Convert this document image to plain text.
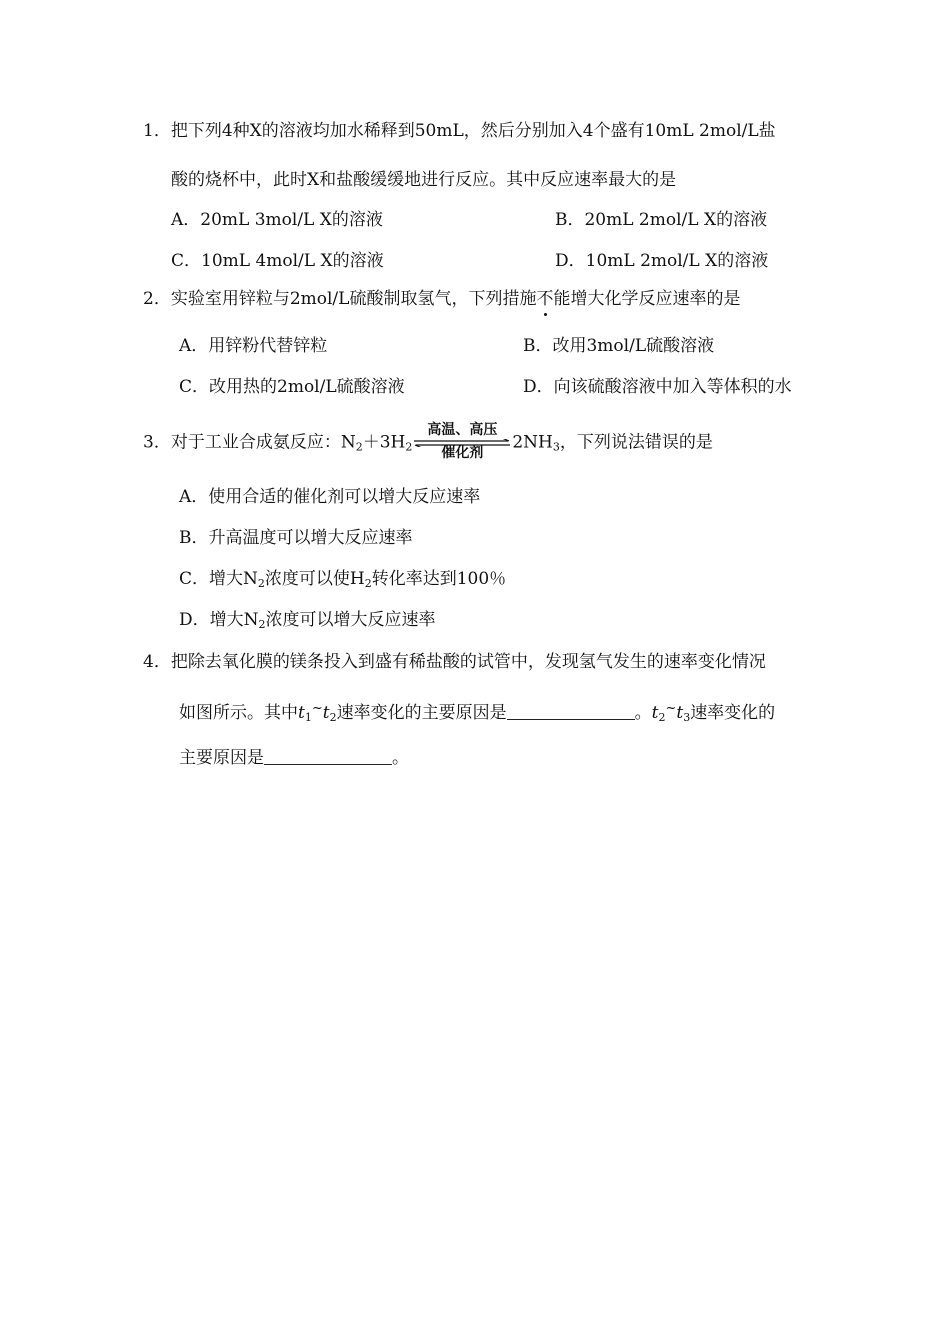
1．把下列4种X的溶液均加水稀释到50mL，然后分别加入4个盛有10mL 2mol/L盐
酸的烧杯中，此时X和盐酸缓缓地进行反应。其中反应速率最大的是
A．20mL 3mol/L X的溶液	B．20mL 2mol/L X的溶液
C．10mL 4mol/L X的溶液	D．10mL 2mol/L X的溶液
2．实验室用锌粒与2mol/L硫酸制取氢气，下列措施不能增大化学反应速率的是
A．用锌粉代替锌粒	B．改用3mol/L硫酸溶液
C．改用热的2mol/L硫酸溶液	D．向该硫酸溶液中加入等体积的水
3．对于工业合成氨反应：$N_2+3H_2$
高温、高压
催化剂
$2NH_3$，下列说法错误的是
A．使用合适的催化剂可以增大反应速率
B．升高温度可以增大反应速率
C．增大$N_2$浓度可以使$H_2$转化率达到100％
D．增大$N_2$浓度可以增大反应速率
4．把除去氧化膜的镁条投入到盛有稀盐酸的试管中，发现氢气发生的速率变化情况
如图所示。其中$t_1^\sim t_2$速率变化的主要原因是	。$t_2^\sim t_3$速率变化的
主要原因是	。
